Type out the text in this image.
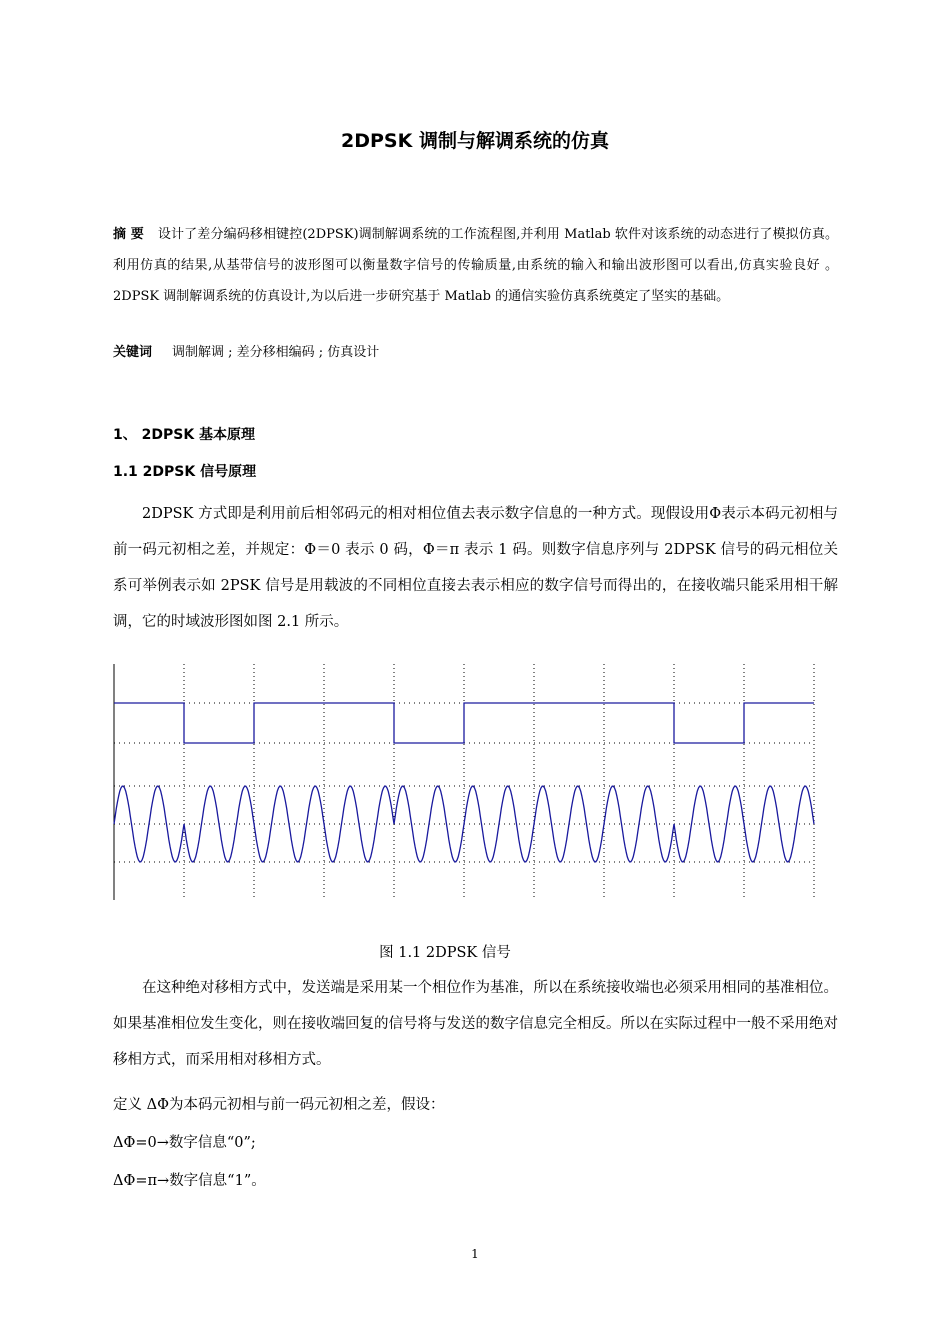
2DPSK 调制与解调系统的仿真
摘 要 设计了差分编码移相键控(2DPSK)调制解调系统的工作流程图,并利用 Matlab 软件对该系统的动态进行了模拟仿真。利用仿真的结果,从基带信号的波形图可以衡量数字信号的传输质量,由系统的输入和输出波形图可以看出,仿真实验良好 。2DPSK 调制解调系统的仿真设计,为以后进一步研究基于 Matlab 的通信实验仿真系统奠定了坚实的基础。
关键词 调制解调 ; 差分移相编码 ; 仿真设计
1、 2DPSK 基本原理
1.1 2DPSK 信号原理
2DPSK 方式即是利用前后相邻码元的相对相位值去表示数字信息的一种方式。现假设用Φ表示本码元初相与前一码元初相之差，并规定：Φ＝0 表示 0 码，Φ＝π 表示 1 码。则数字信息序列与 2DPSK 信号的码元相位关系可举例表示如 2PSK 信号是用载波的不同相位直接去表示相应的数字信号而得出的，在接收端只能采用相干解调，它的时域波形图如图 2.1 所示。
图 1.1 2DPSK 信号
在这种绝对移相方式中，发送端是采用某一个相位作为基准，所以在系统接收端也必须采用相同的基准相位。如果基准相位发生变化，则在接收端回复的信号将与发送的数字信息完全相反。所以在实际过程中一般不采用绝对移相方式，而采用相对移相方式。
定义 ΔΦ为本码元初相与前一码元初相之差，假设：
ΔΦ=0→数字信息“0”;
ΔΦ=π→数字信息“1”。
1
